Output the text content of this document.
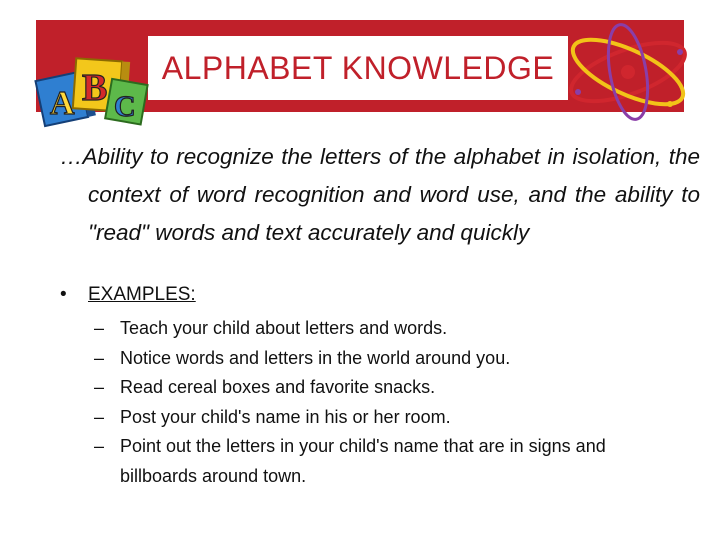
ALPHABET KNOWLEDGE
A B C
…Ability to recognize the letters of the alphabet in isolation, the context of word recognition and word use, and the ability to "read" words and text accurately and quickly
• EXAMPLES:
– Teach your child about letters and words.
– Notice words and letters in the world around you.
– Read cereal boxes and favorite snacks.
– Post your child's name in his or her room.
– Point out the letters in your child's name that are in signs and billboards around town.
